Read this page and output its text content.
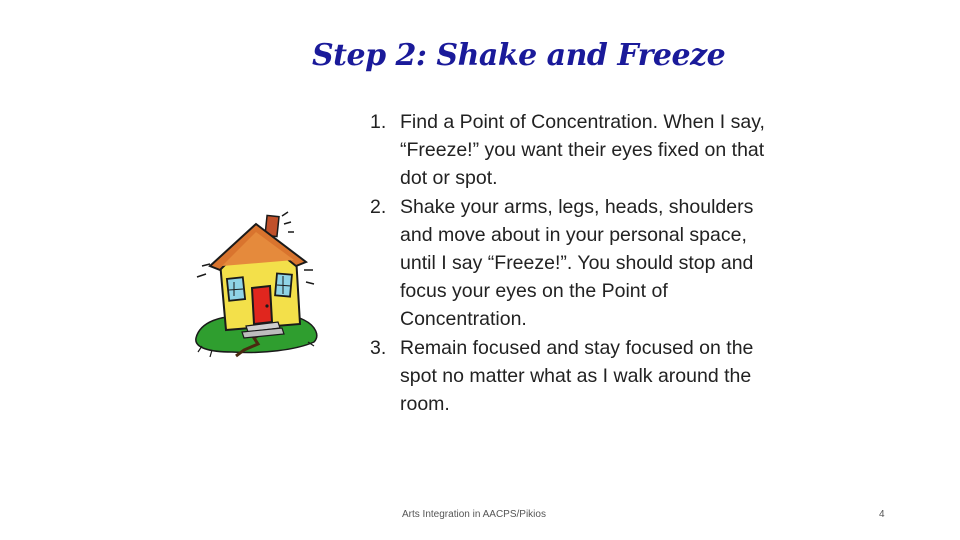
Step 2: Shake and Freeze
1. Find a Point of Concentration. When I say, “Freeze!” you want their eyes fixed on that dot or spot.
2. Shake your arms, legs, heads, shoulders and move about in your personal space, until I say “Freeze!”. You should stop and focus your eyes on the Point of Concentration.
3. Remain focused and stay focused on the spot no matter what as I walk around the room.
Arts Integration in AACPS/Pikios	4
